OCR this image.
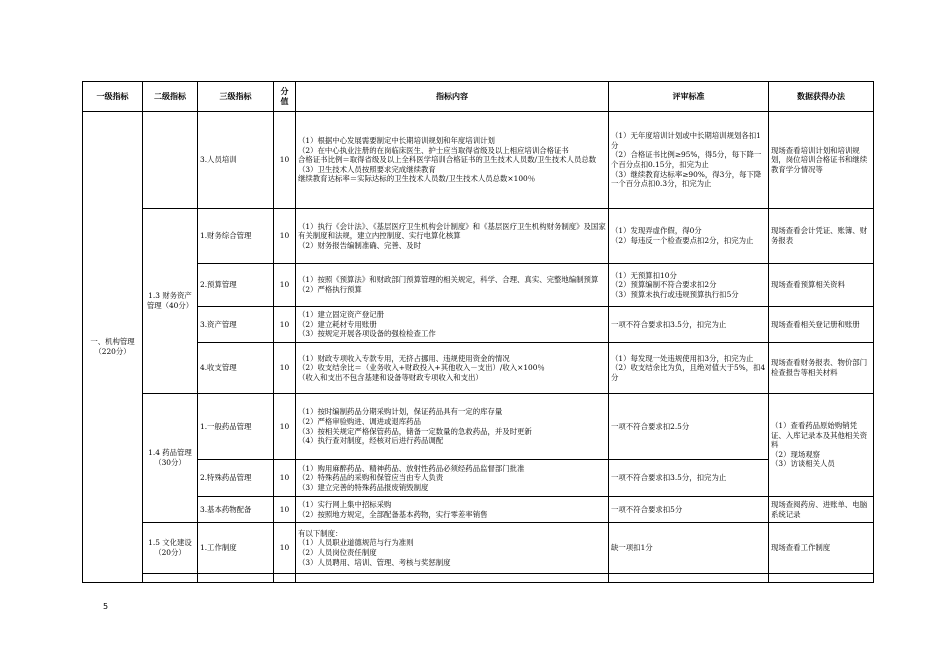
一级指标	二级指标	三级指标	分
值	指标内容	评审标准	数据获得办法
一、机构管理（220分）		3.人员培训	10	（1）根据中心发展需要制定中长期培训规划和年度培训计划
（2）在中心执业注册的在岗临床医生、护士应当取得省级及以上相应培训合格证书
合格证书比例＝取得省级及以上全科医学培训合格证书的卫生技术人员数/卫生技术人员总数
（3）卫生技术人员按照要求完成继续教育
继续教育达标率＝实际达标的卫生技术人员数/卫生技术人员总数×100％	（1）无年度培训计划或中长期培训规划各扣1分
（2）合格证书比例≥95%，得5分，每下降一个百分点扣0.15分，扣完为止
（3）继续教育达标率≥90%，得3分，每下降一个百分点扣0.3分，扣完为止	现场查看培训计划和培训规划，岗位培训合格证书和继续教育学分情况等
	1.3 财务资产管理（40分）	1.财务综合管理	10	（1）执行《会计法》、《基层医疗卫生机构会计制度》和《基层医疗卫生机构财务制度》及国家有关制度和法规，建立内控制度、实行电算化核算
（2）财务报告编制准确、完善、及时	（1）发现弄虚作假，得0分
（2）每违反一个检查要点扣2分，扣完为止	现场查看会计凭证、账簿、财务报表
		2.预算管理	10	（1）按照《预算法》和财政部门预算管理的相关规定，科学、合理、真实、完整地编制预算
（2）严格执行预算	（1）无预算扣10分
（2）预算编制不符合要求扣2分
（3）预算未执行或违规预算执行扣5分	现场查看预算相关资料
		3.资产管理	10	（1）建立固定资产登记册
（2）建立耗材专用账册
（3）按规定开展各项设备的强检检查工作	一项不符合要求扣3.5分，扣完为止	现场查看相关登记册和账册
		4.收支管理	10	（1）财政专项收入专款专用，无挤占挪用、违规使用资金的情况
（2）收支结余比＝（业务收入+财政投入+其他收入－支出）/收入×100％
（收入和支出不包含基建和设备等财政专项收入和支出）	（1）每发现一处违规使用扣3分，扣完为止
（2）收支结余比为负，且绝对值大于5%，扣4分	现场查看财务报表、物价部门检查报告等相关材料
	1.4 药品管理（30分）	1.一般药品管理	10	（1）按时编制药品分期采购计划，保证药品具有一定的库存量
（2）严格审验购进、调进或退库药品
（3）按相关规定严格保管药品，储备一定数量的急救药品，并及时更新
（4）执行查对制度，经核对后进行药品调配	一项不符合要求扣2.5分	（1）查看药品原始购销凭证、入库记录本及其他相关资料
（2）现场观察
（3）访谈相关人员
		2.特殊药品管理	10	（1）购用麻醉药品、精神药品、放射性药品必须经药品监督部门批准
（2）特殊药品的采购和保管应当由专人负责
（3）建立完善的特殊药品报废销毁制度	一项不符合要求扣3.5分，扣完为止	
		3.基本药物配备	10	（1）实行网上集中招标采购
（2）按照地方规定，全部配备基本药物，实行零差率销售	一项不符合要求扣5分	现场查阅药房、进账单、电脑系统记录
	1.5 文化建设（20分）	1.工作制度	10	有以下制度：
（1）人员职业道德规范与行为准则
（2）人员岗位责任制度
（3）人员聘用、培训、管理、考核与奖惩制度	缺一项扣1分	现场查看工作制度

5
